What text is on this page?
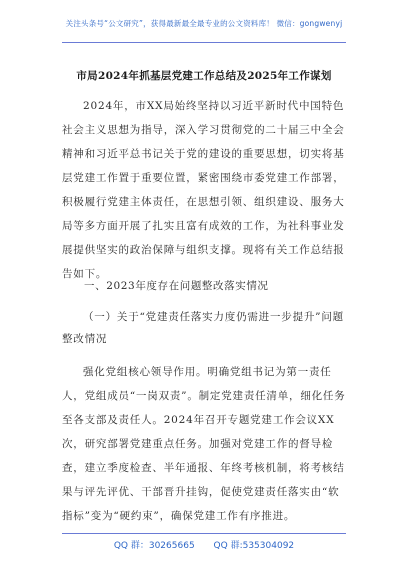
关注头条号“公文研究”，获得最新最全最专业的公文资料库！ 微信：gongwenyj
市局2024年抓基层党建工作总结及2025年工作谋划
2024年，市XX局始终坚持以习近平新时代中国特色社会主义思想为指导，深入学习贯彻党的二十届三中全会精神和习近平总书记关于党的建设的重要思想，切实将基层党建工作置于重要位置，紧密围绕市委党建工作部署，积极履行党建主体责任，在思想引领、组织建设、服务大局等多方面开展了扎实且富有成效的工作，为社科事业发展提供坚实的政治保障与组织支撑。现将有关工作总结报告如下。
一、2023年度存在问题整改落实情况
（一）关于“党建责任落实力度仍需进一步提升”问题整改情况
强化党组核心领导作用。明确党组书记为第一责任人，党组成员“一岗双责”。制定党建责任清单，细化任务至各支部及责任人。2024年召开专题党建工作会议XX次，研究部署党建重点任务。加强对党建工作的督导检查，建立季度检查、半年通报、年终考核机制，将考核结果与评先评优、干部晋升挂钩，促使党建责任落实由“软指标”变为“硬约束”，确保党建工作有序推进。
QQ 群：30265665 QQ 群:535304092
